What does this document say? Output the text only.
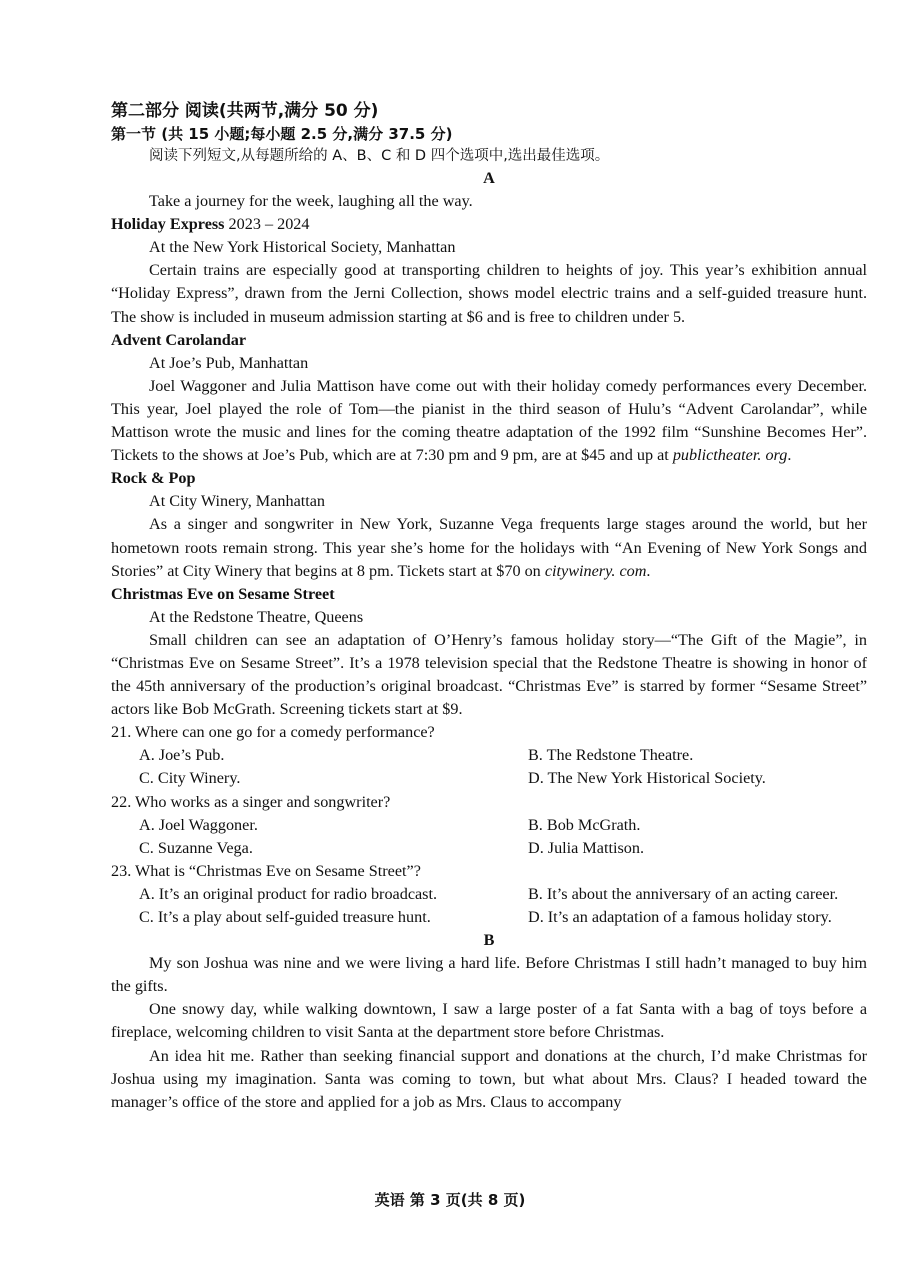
第二部分 阅读(共两节,满分 50 分)
第一节 (共 15 小题;每小题 2.5 分,满分 37.5 分)
阅读下列短文,从每题所给的 A、B、C 和 D 四个选项中,选出最佳选项。
A

Take a journey for the week, laughing all the way.

Holiday Express 2023 – 2024
At the New York Historical Society, Manhattan

Certain trains are especially good at transporting children to heights of joy. This year’s exhibition annual “Holiday Express”, drawn from the Jerni Collection, shows model electric trains and a self-guided treasure hunt. The show is included in museum admission starting at $6 and is free to children under 5.

Advent Carolandar
At Joe’s Pub, Manhattan

Joel Waggoner and Julia Mattison have come out with their holiday comedy performances every December. This year, Joel played the role of Tom—the pianist in the third season of Hulu’s “Advent Carolandar”, while Mattison wrote the music and lines for the coming theatre adaptation of the 1992 film “Sunshine Becomes Her”. Tickets to the shows at Joe’s Pub, which are at 7:30 pm and 9 pm, are at $45 and up at publictheater. org.

Rock & Pop
At City Winery, Manhattan

As a singer and songwriter in New York, Suzanne Vega frequents large stages around the world, but her hometown roots remain strong. This year she’s home for the holidays with “An Evening of New York Songs and Stories” at City Winery that begins at 8 pm. Tickets start at $70 on citywinery. com.

Christmas Eve on Sesame Street
At the Redstone Theatre, Queens

Small children can see an adaptation of O’Henry’s famous holiday story—“The Gift of the Magie”, in “Christmas Eve on Sesame Street”. It’s a 1978 television special that the Redstone Theatre is showing in honor of the 45th anniversary of the production’s original broadcast. “Christmas Eve” is starred by former “Sesame Street” actors like Bob McGrath. Screening tickets start at $9.

21. Where can one go for a comedy performance?
A. Joe’s Pub.	B. The Redstone Theatre.
C. City Winery.	D. The New York Historical Society.
22. Who works as a singer and songwriter?
A. Joel Waggoner.	B. Bob McGrath.
C. Suzanne Vega.	D. Julia Mattison.
23. What is “Christmas Eve on Sesame Street”?
A. It’s an original product for radio broadcast.	B. It’s about the anniversary of an acting career.
C. It’s a play about self-guided treasure hunt.	D. It’s an adaptation of a famous holiday story.
B

My son Joshua was nine and we were living a hard life. Before Christmas I still hadn’t managed to buy him the gifts.

One snowy day, while walking downtown, I saw a large poster of a fat Santa with a bag of toys before a fireplace, welcoming children to visit Santa at the department store before Christmas.

An idea hit me. Rather than seeking financial support and donations at the church, I’d make Christmas for Joshua using my imagination. Santa was coming to town, but what about Mrs. Claus? I headed toward the manager’s office of the store and applied for a job as Mrs. Claus to accompany

英语 第 3 页(共 8 页)
